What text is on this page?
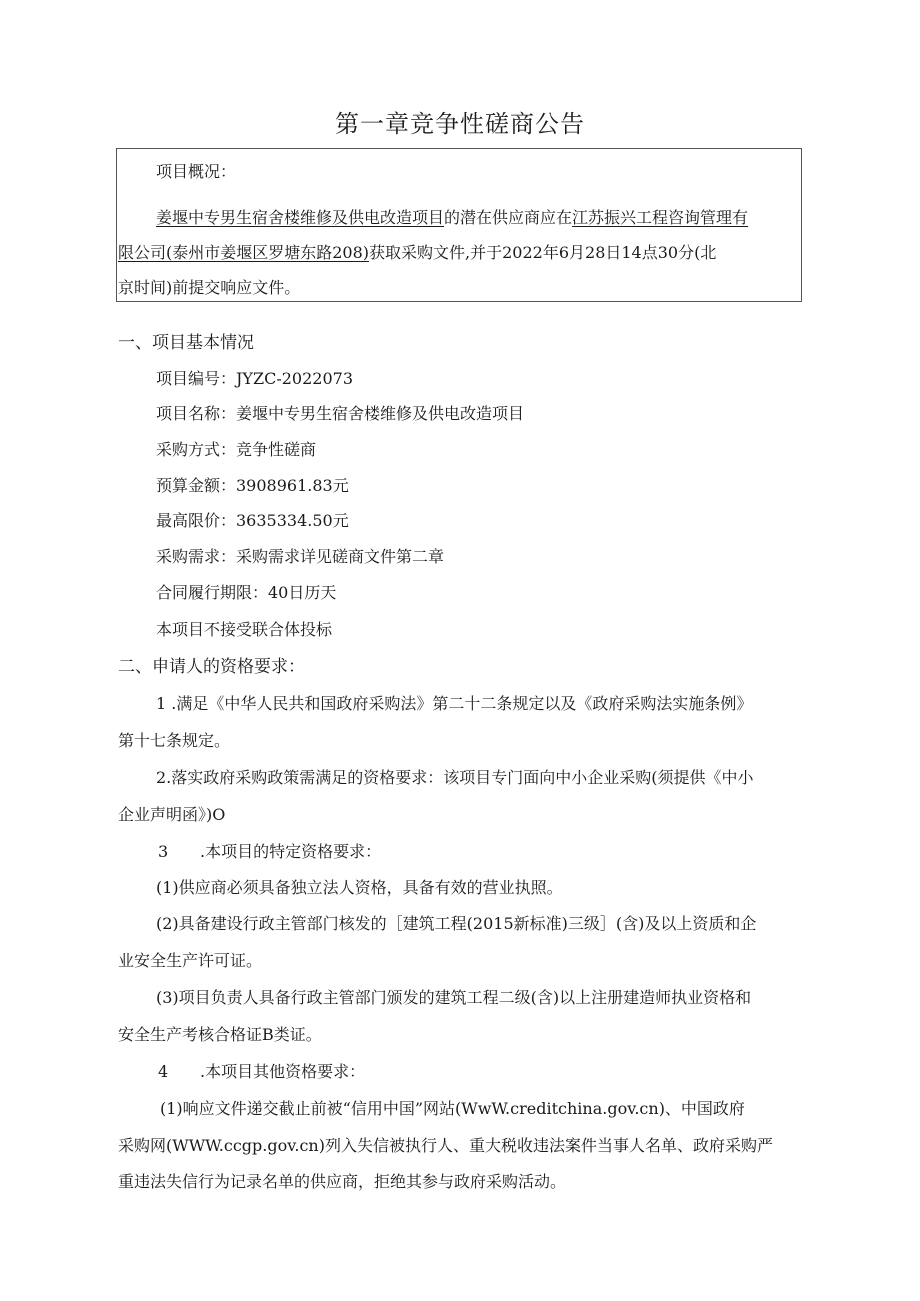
第一章竞争性磋商公告
项目概况：
姜堰中专男生宿舍楼维修及供电改造项目的潜在供应商应在江苏振兴工程咨询管理有
限公司(泰州市姜堰区罗塘东路208)获取采购文件,并于2022年6月28日14点30分(北
京时间)前提交响应文件。
一、项目基本情况
项目编号：JYZC-2022073
项目名称：姜堰中专男生宿舍楼维修及供电改造项目
采购方式：竞争性磋商
预算金额：3908961.83元
最高限价：3635334.50元
采购需求：采购需求详见磋商文件第二章
合同履行期限：40日历天
本项目不接受联合体投标
二、申请人的资格要求：
1 .满足《中华人民共和国政府采购法》第二十二条规定以及《政府采购法实施条例》
第十七条规定。
2.落实政府采购政策需满足的资格要求：该项目专门面向中小企业采购(须提供《中小
企业声明函》)O
3 .本项目的特定资格要求：
(1)供应商必须具备独立法人资格，具备有效的营业执照。
(2)具备建设行政主管部门核发的［建筑工程(2015新标准)三级］(含)及以上资质和企
业安全生产许可证。
(3)项目负责人具备行政主管部门颁发的建筑工程二级(含)以上注册建造师执业资格和
安全生产考核合格证B类证。
4 .本项目其他资格要求：
(1)响应文件递交截止前被“信用中国”网站(WwW.creditchina.gov.cn)、中国政府
采购网(WWW.ccgp.gov.cn)列入失信被执行人、重大税收违法案件当事人名单、政府采购严
重违法失信行为记录名单的供应商，拒绝其参与政府采购活动。
